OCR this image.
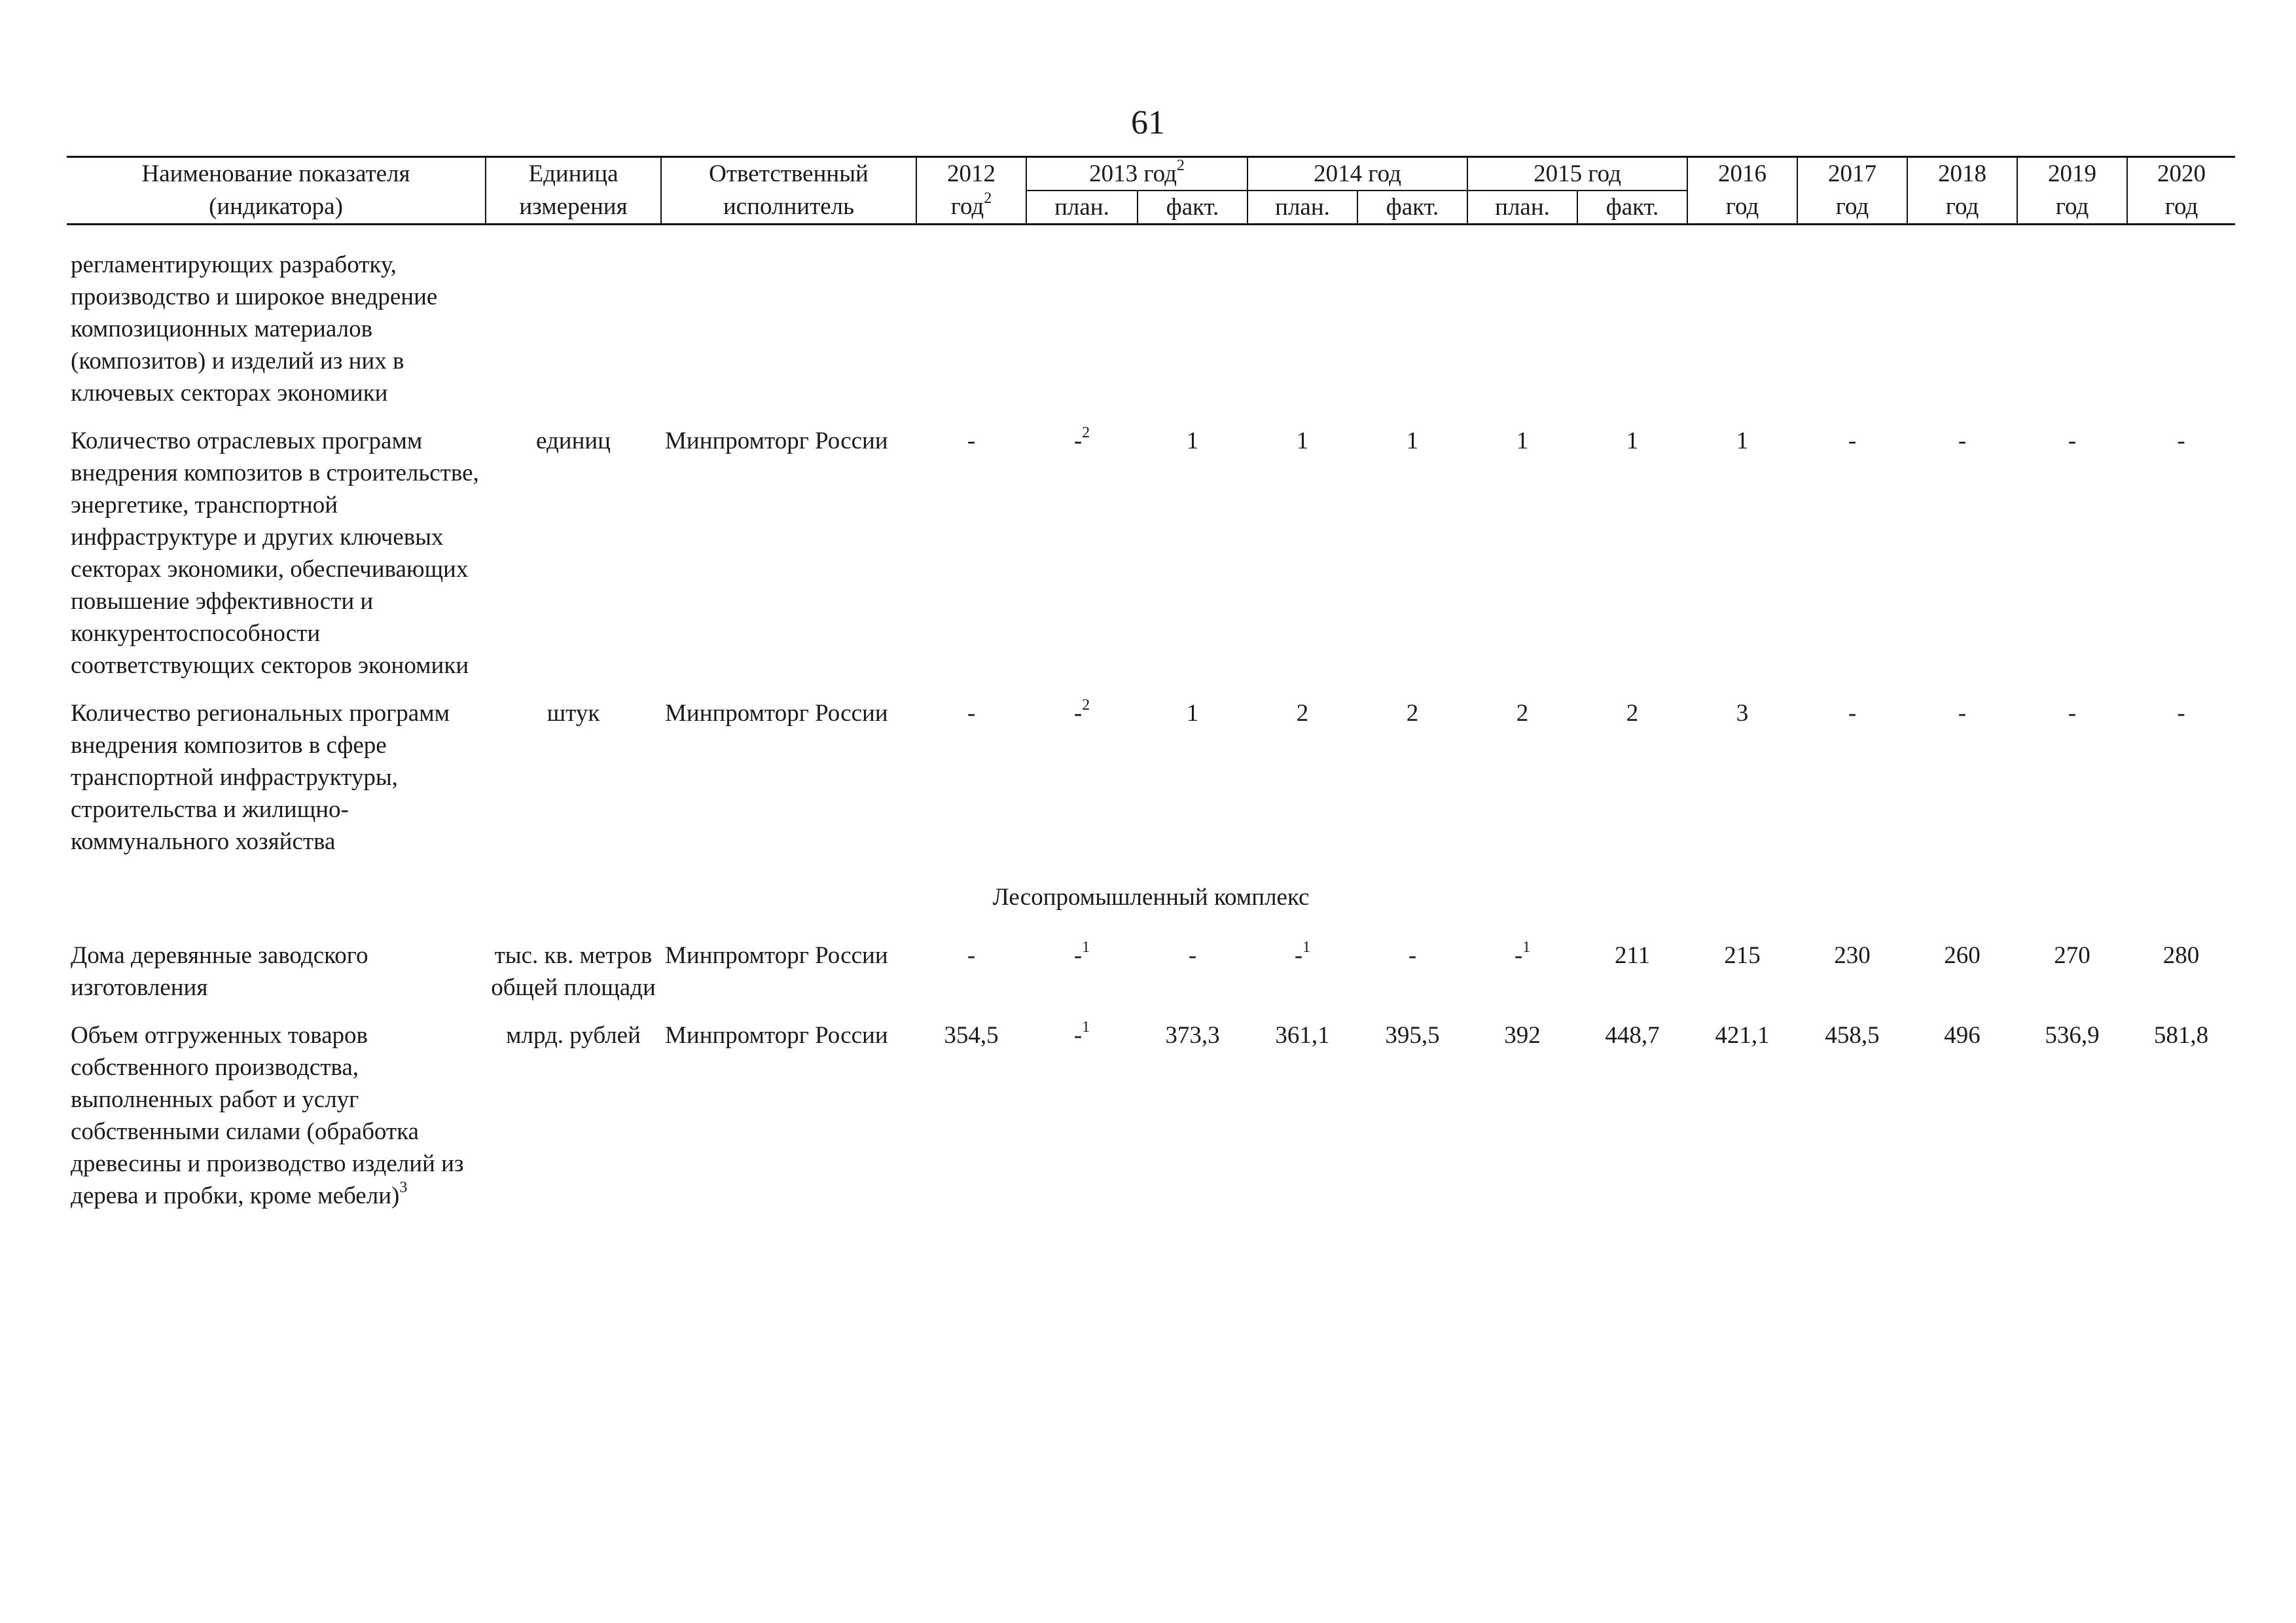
61
Наименование показателя	Единица	Ответственный	2012	2013 год$^2$		2014 год		2015 год		2016	2017	2018	2019	2020
(индикатора)	измерения	исполнитель	год$^2$	план.	факт.	план.	факт.	план.	факт.	год	год	год	год	год

регламентирующих разработку, производство и широкое внедрение композиционных материалов (композитов) и изделий из них в ключевых секторах экономики														
Количество отраслевых программ внедрения композитов в строительстве, энергетике, транспортной инфраструктуре и других ключевых секторах экономики, обеспечивающих повышение эффективности и конкурентоспособности соответствующих секторов экономики	единиц	Минпромторг России	-	-$^2$	1	1	1	1	1	1	-	-	-	-
Количество региональных программ внедрения композитов в сфере транспортной инфраструктуры, строительства и жилищно-коммунального хозяйства	штук	Минпромторг России	-	-$^2$	1	2	2	2	2	3	-	-	-	-
Лесопромышленный комплекс														
Дома деревянные заводского изготовления	тыс. кв. метров общей площади	Минпромторг России	-	-$^1$	-	-$^1$	-	-$^1$	211	215	230	260	270	280
Объем отгруженных товаров собственного производства, выполненных работ и услуг собственными силами (обработка древесины и производство изделий из дерева и пробки, кроме мебели)$^3$	млрд. рублей	Минпромторг России	354,5	-$^1$	373,3	361,1	395,5	392	448,7	421,1	458,5	496	536,9	581,8
